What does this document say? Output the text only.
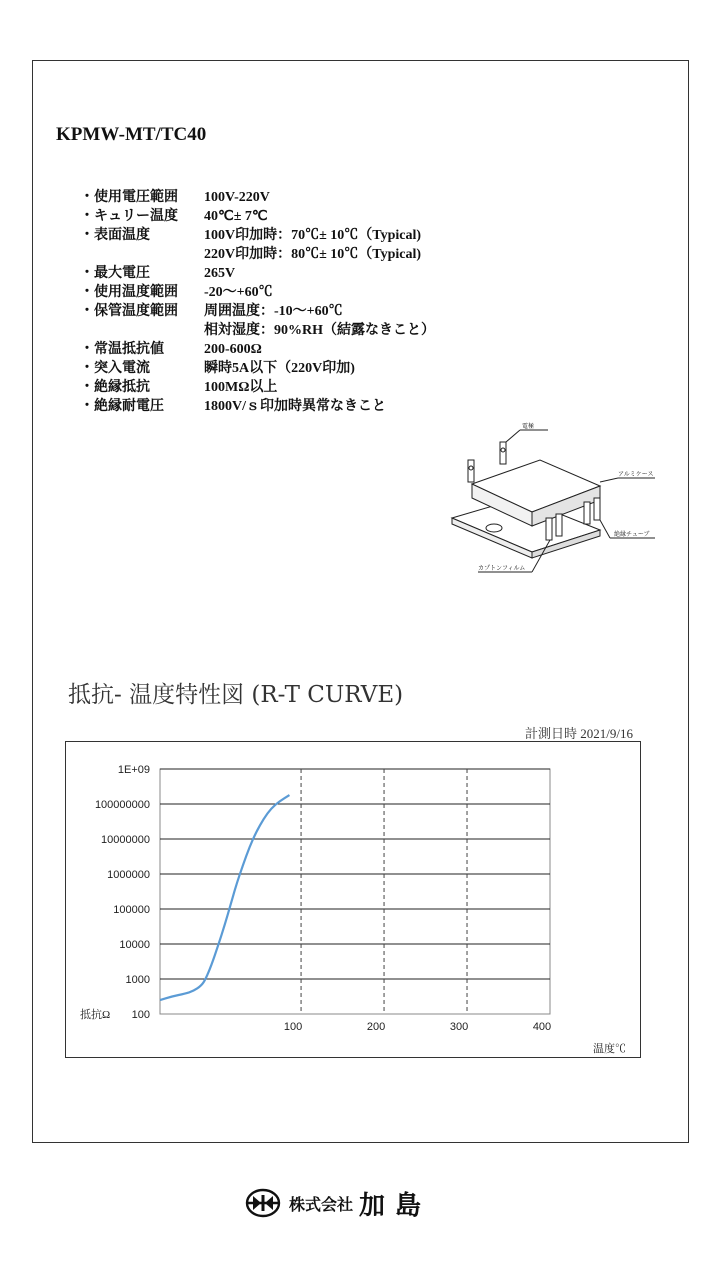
KPMW-MT/TC40
・使用電圧範囲	100V-220V
・キュリー温度	40℃± 7℃
・表面温度	100V印加時：70℃± 10℃（Typical)
220V印加時：80℃± 10℃（Typical)
・最大電圧	265V
・使用温度範囲	-20～+60℃
・保管温度範囲	周囲温度：-10～+60℃
相対湿度：90%RH（結露なきこと）
・常温抵抗値	200-600Ω
・突入電流	瞬時5A以下（220V印加)
・絶縁抵抗	100MΩ以上
・絶縁耐電圧	1800V/ｓ印加時異常なきこと
電極
アルミケース
絶縁チューブ
カプトンフィルム
抵抗- 温度特性図 (R-T CURVE)
計測日時 2021/9/16
100
1000
10000
100000
1000000
10000000
100000000
1E+09
100	200	300	400
抵抗Ω
温度℃
株式会社 加島
